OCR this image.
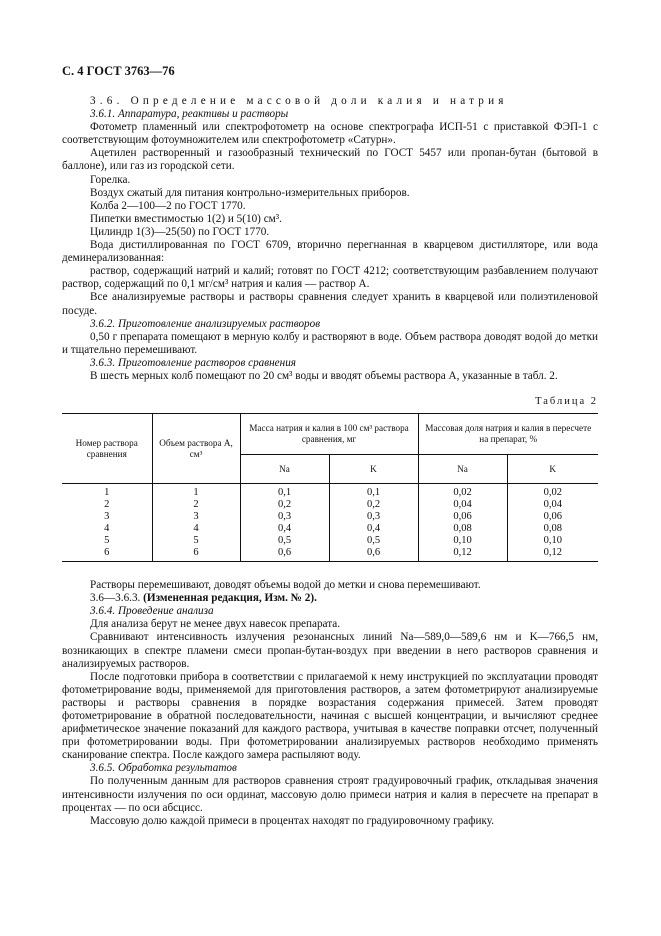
С. 4 ГОСТ 3763—76

3.6. Определение массовой доли калия и натрия

3.6.1. Аппаратура, реактивы и растворы

Фотометр пламенный или спектрофотометр на основе спектрографа ИСП-51 с приставкой ФЭП-1 с соответствующим фотоумножителем или спектрофотометр «Сатурн».

Ацетилен растворенный и газообразный технический по ГОСТ 5457 или пропан-бутан (бытовой в баллоне), или газ из городской сети.

Горелка.

Воздух сжатый для питания контрольно-измерительных приборов.

Колба 2—100—2 по ГОСТ 1770.

Пипетки вместимостью 1(2) и 5(10) см³.

Цилиндр 1(3)—25(50) по ГОСТ 1770.

Вода дистиллированная по ГОСТ 6709, вторично перегнанная в кварцевом дистилляторе, или вода деминерализованная:

раствор, содержащий натрий и калий; готовят по ГОСТ 4212; соответствующим разбавлением получают раствор, содержащий по 0,1 мг/см³ натрия и калия — раствор А.

Все анализируемые растворы и растворы сравнения следует хранить в кварцевой или полиэтиленовой посуде.

3.6.2. Приготовление анализируемых растворов

0,50 г препарата помещают в мерную колбу и растворяют в воде. Объем раствора доводят водой до метки и тщательно перемешивают.

3.6.3. Приготовление растворов сравнения

В шесть мерных колб помещают по 20 см³ воды и вводят объемы раствора А, указанные в табл. 2.

Таблица 2
Номер раствора сравнения	Объем раствора А, см³	Масса натрия и калия в 100 см³ раствора сравнения, мг		Массовая доля натрия и калия в пересчете на препарат, %	
		Na	K	Na	K
1	1	0,1	0,1	0,02	0,02
2	2	0,2	0,2	0,04	0,04
3	3	0,3	0,3	0,06	0,06
4	4	0,4	0,4	0,08	0,08
5	5	0,5	0,5	0,10	0,10
6	6	0,6	0,6	0,12	0,12

Растворы перемешивают, доводят объемы водой до метки и снова перемешивают.

3.6—3.6.3. (Измененная редакция, Изм. № 2).

3.6.4. Проведение анализа

Для анализа берут не менее двух навесок препарата.

Сравнивают интенсивность излучения резонансных линий Na—589,0—589,6 нм и K—766,5 нм, возникающих в спектре пламени смеси пропан-бутан-воздух при введении в него растворов сравнения и анализируемых растворов.

После подготовки прибора в соответствии с прилагаемой к нему инструкцией по эксплуатации проводят фотометрирование воды, применяемой для приготовления растворов, а затем фотометрируют анализируемые растворы и растворы сравнения в порядке возрастания содержания примесей. Затем проводят фотометрирование в обратной последовательности, начиная с высшей концентрации, и вычисляют среднее арифметическое значение показаний для каждого раствора, учитывая в качестве поправки отсчет, полученный при фотометрировании воды. При фотометрировании анализируемых растворов необходимо применять сканирование спектра. После каждого замера распыляют воду.

3.6.5. Обработка результатов

По полученным данным для растворов сравнения строят градуировочный график, откладывая значения интенсивности излучения по оси ординат, массовую долю примеси натрия и калия в пересчете на препарат в процентах — по оси абсцисс.

Массовую долю каждой примеси в процентах находят по градуировочному графику.
